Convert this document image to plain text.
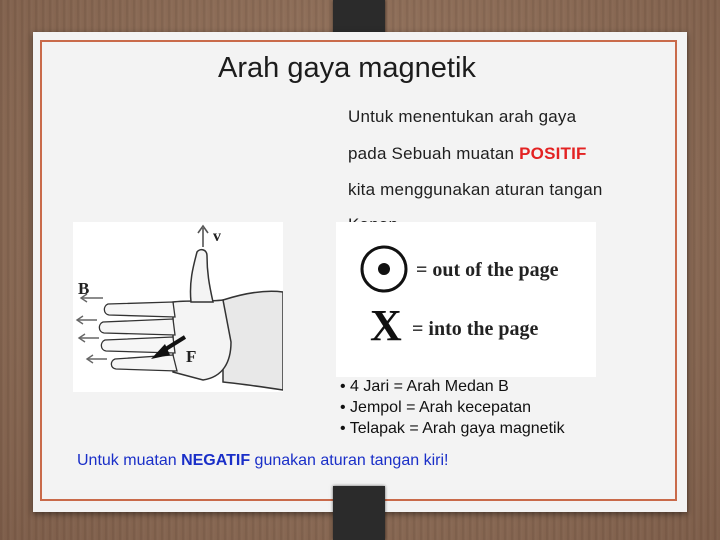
Arah gaya magnetik
Untuk menentukan arah gaya
pada Sebuah muatan POSITIF
kita menggunakan aturan tangan
v
B
F
= out of the page
X = into the page
• 4 Jari = Arah Medan B
• Jempol = Arah kecepatan
• Telapak = Arah gaya magnetik
Untuk muatan NEGATIF gunakan aturan tangan kiri!
